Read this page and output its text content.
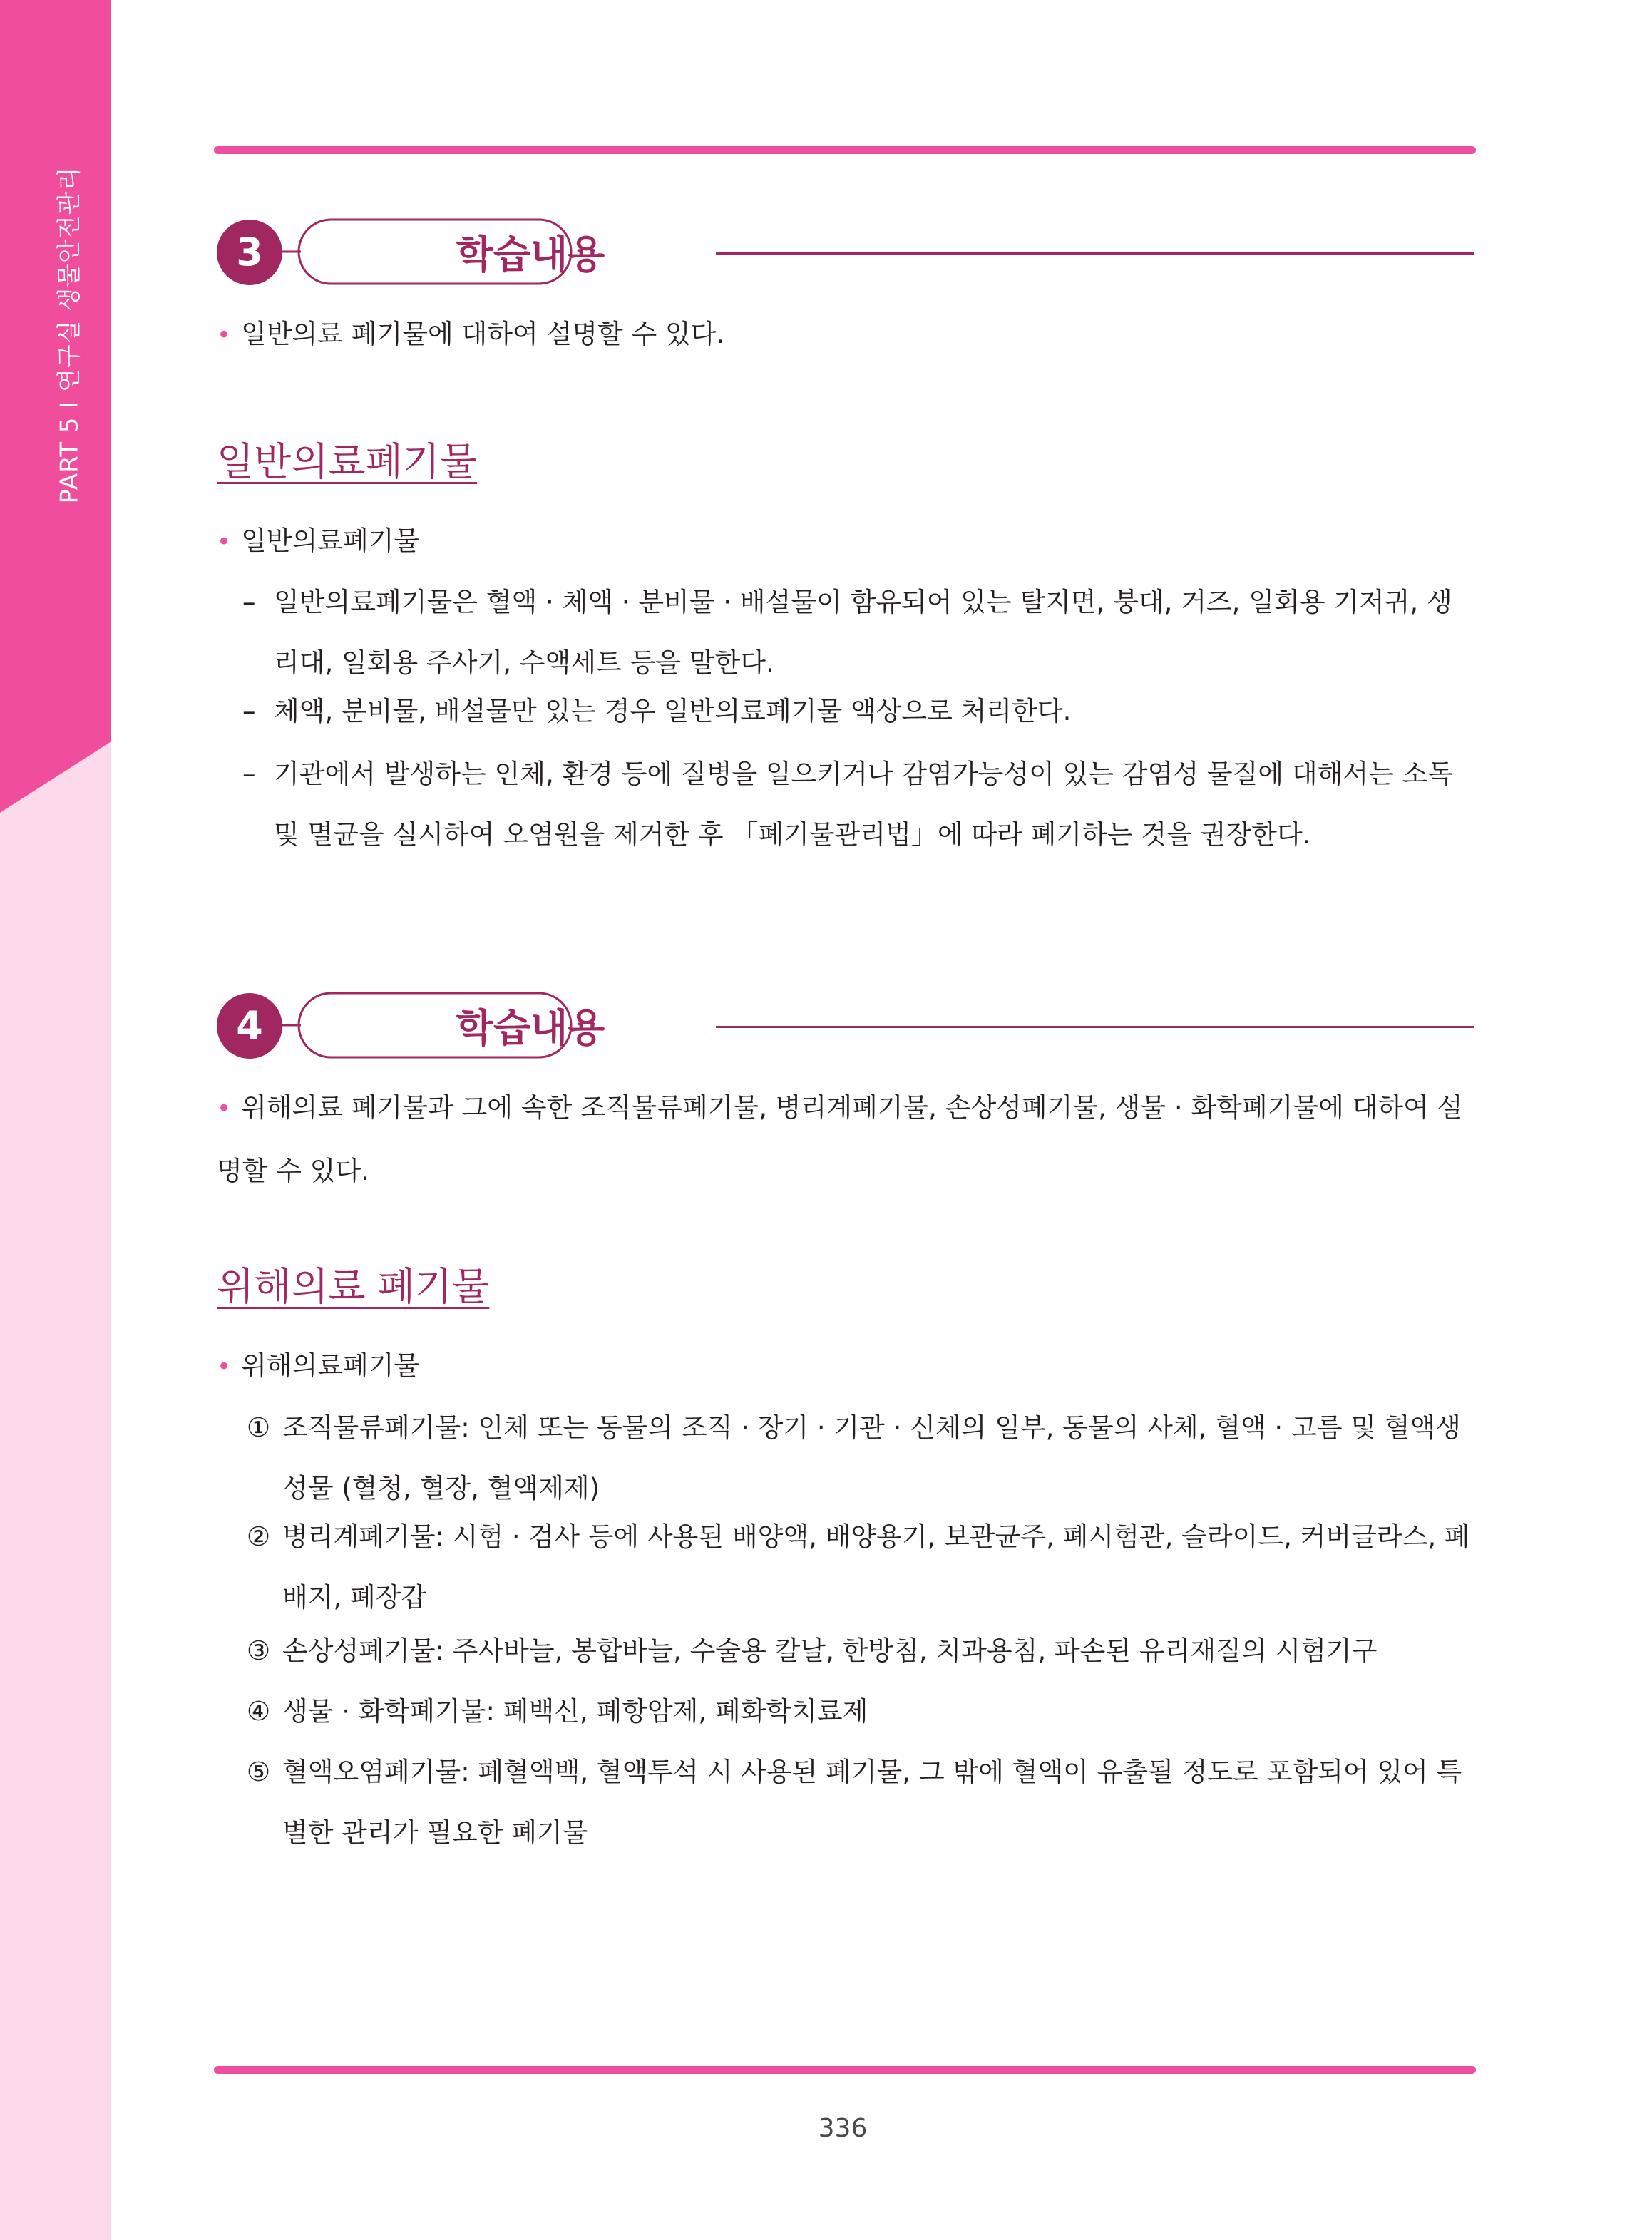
PART 5 I 연구실 생물안전관리	3	학습내용
• 일반의료 폐기물에 대하여 설명할 수 있다.
일반의료폐기물
• 일반의료폐기물
– 일반의료폐기물은 혈액 · 체액 · 분비물 · 배설물이 함유되어 있는 탈지면, 붕대, 거즈, 일회용 기저귀, 생리대, 일회용 주사기, 수액세트 등을 말한다.
– 체액, 분비물, 배설물만 있는 경우 일반의료폐기물 액상으로 처리한다.
– 기관에서 발생하는 인체, 환경 등에 질병을 일으키거나 감염가능성이 있는 감염성 물질에 대해서는 소독 및 멸균을 실시하여 오염원을 제거한 후 「폐기물관리법」에 따라 폐기하는 것을 권장한다.
4	학습내용
• 위해의료 폐기물과 그에 속한 조직물류폐기물, 병리계폐기물, 손상성폐기물, 생물 · 화학폐기물에 대하여 설명할 수 있다.
위해의료 폐기물
• 위해의료폐기물
① 조직물류폐기물: 인체 또는 동물의 조직 · 장기 · 기관 · 신체의 일부, 동물의 사체, 혈액 · 고름 및 혈액생성물 (혈청, 혈장, 혈액제제)
② 병리계폐기물: 시험 · 검사 등에 사용된 배양액, 배양용기, 보관균주, 폐시험관, 슬라이드, 커버글라스, 폐배지, 폐장갑
③ 손상성폐기물: 주사바늘, 봉합바늘, 수술용 칼날, 한방침, 치과용침, 파손된 유리재질의 시험기구
④ 생물 · 화학폐기물: 폐백신, 폐항암제, 폐화학치료제
⑤ 혈액오염폐기물: 폐혈액백, 혈액투석 시 사용된 폐기물, 그 밖에 혈액이 유출될 정도로 포함되어 있어 특별한 관리가 필요한 폐기물
336
